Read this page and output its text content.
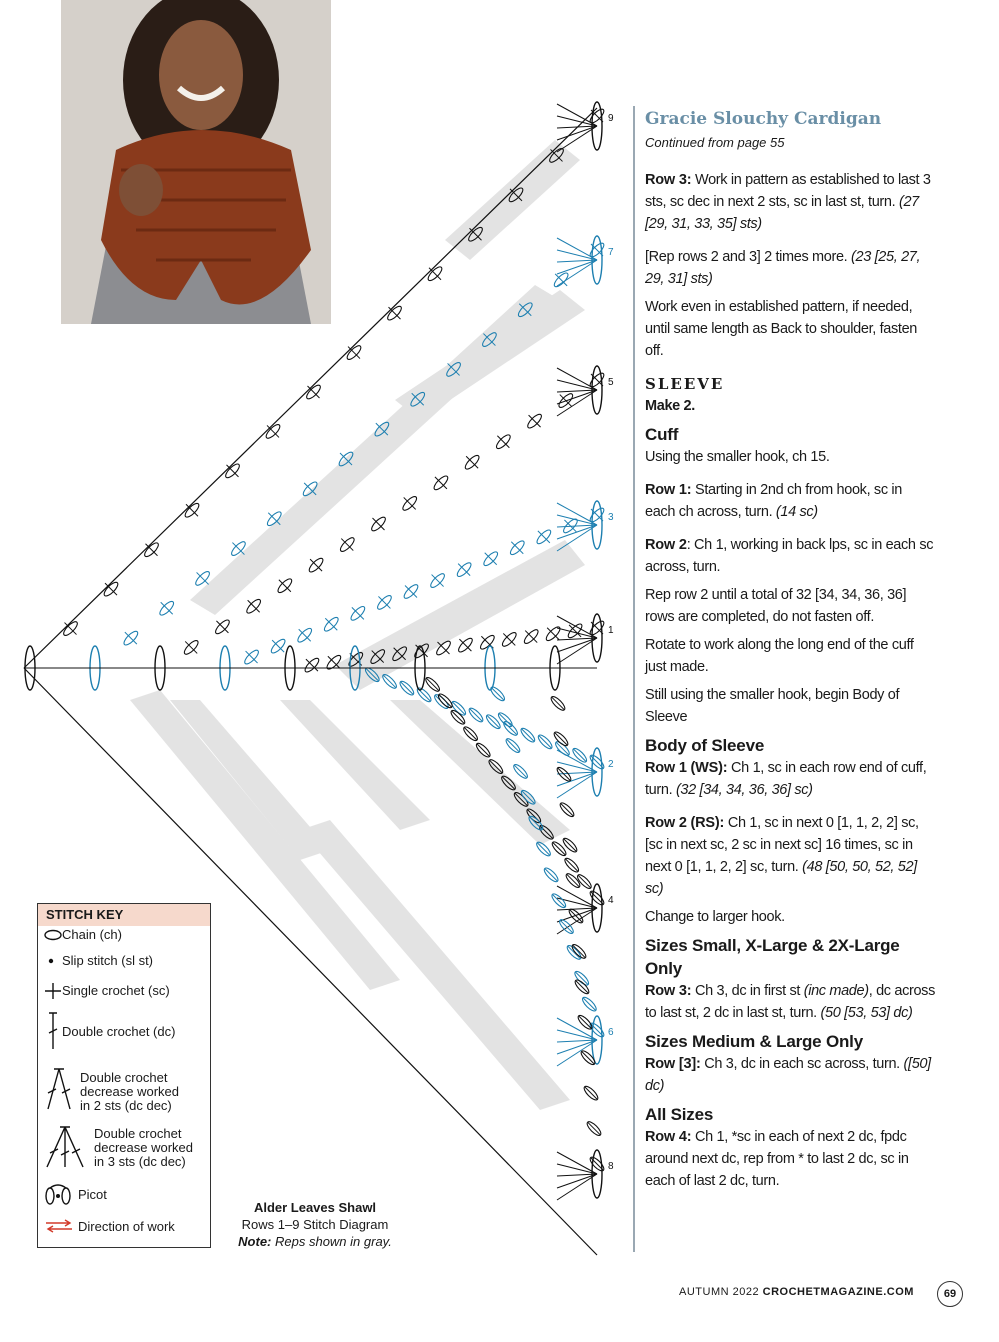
9
7
5
3
1
2
4
6
8
STITCH KEY
Chain (ch)
Slip stitch (sl st)
Single crochet (sc)
Double crochet (dc)
Double crochet
decrease worked
in 2 sts (dc dec)
Double crochet
decrease worked
in 3 sts (dc dec)
Picot
Direction of work
Alder Leaves Shawl
Rows 1–9 Stitch Diagram
Note: Reps shown in gray.
Gracie Slouchy Cardigan

Continued from page 55

Row 3: Work in pattern as established to last 3 sts, sc dec in next 2 sts, sc in last st, turn. (27 [29, 31, 33, 35] sts)

[Rep rows 2 and 3] 2 times more. (23 [25, 27, 29, 31] sts)

Work even in established pattern, if needed, until same length as Back to shoulder, fasten off.

SLEEVE

Make 2.

Cuff

Using the smaller hook, ch 15.

Row 1: Starting in 2nd ch from hook, sc in each ch across, turn. (14 sc)

Row 2: Ch 1, working in back lps, sc in each sc across, turn.

Rep row 2 until a total of 32 [34, 34, 36, 36] rows are completed, do not fasten off.

Rotate to work along the long end of the cuff just made.

Still using the smaller hook, begin Body of Sleeve

Body of Sleeve

Row 1 (WS): Ch 1, sc in each row end of cuff, turn. (32 [34, 34, 36, 36] sc)

Row 2 (RS): Ch 1, sc in next 0 [1, 1, 2, 2] sc, [sc in next sc, 2 sc in next sc] 16 times, sc in next 0 [1, 1, 2, 2] sc, turn. (48 [50, 50, 52, 52] sc)

Change to larger hook.

Sizes Small, X-Large & 2X-Large Only

Row 3: Ch 3, dc in first st (inc made), dc across to last st, 2 dc in last st, turn. (50 [53, 53] dc)

Sizes Medium & Large Only

Row [3]: Ch 3, dc in each sc across, turn. ([50] dc)

All Sizes

Row 4: Ch 1, *sc in each of next 2 dc, fpdc around next dc, rep from * to last 2 dc, sc in each of last 2 dc, turn.

AUTUMN 2022 CROCHETMAGAZINE.COM	69
